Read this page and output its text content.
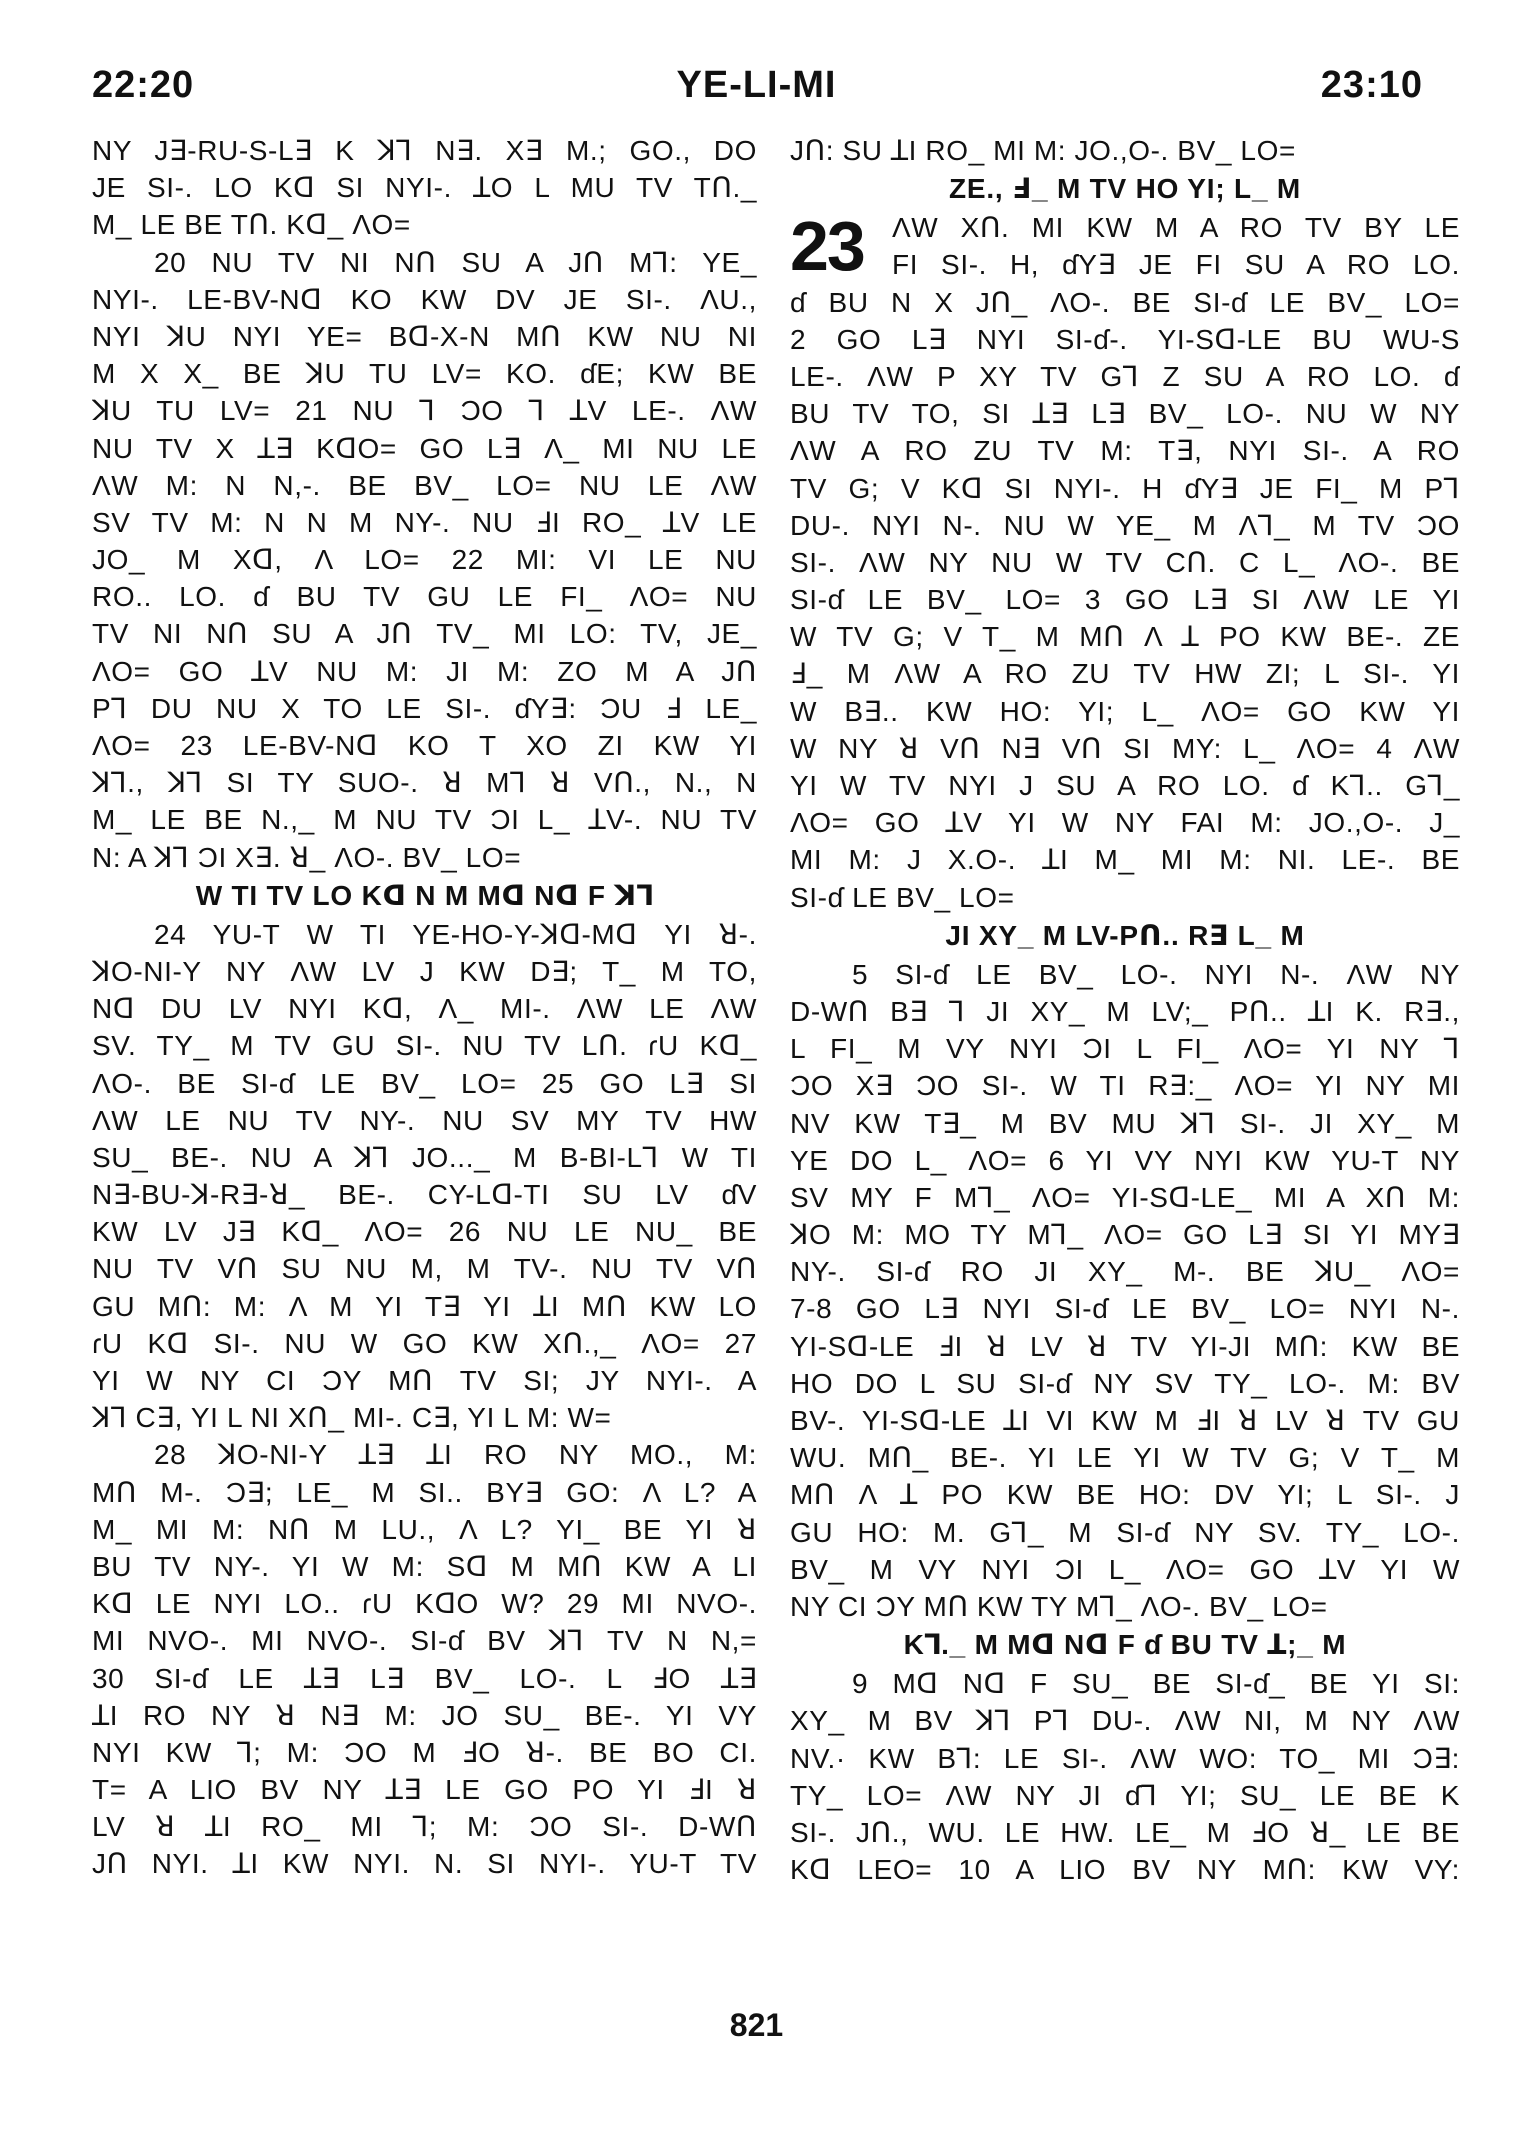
22:20	YE-LI-MI	23:10
NY J∃-RU-S-L∃ K ꓘ⅂ N∃. X∃ M.; GO., DO
JE SI-. LO Kꓷ SI NYI-. ꓕO L MU TV Tꓵ._
M_ LE BE Tꓵ. Kꓷ_ ΛO=
20 NU TV NI Nꓵ SU A Jꓵ M⅂: YE_
NYI-. LE-BV-Nꓷ KO KW DV JE SI-. ΛU.,
NYI ꓘU NYI YE= Bꓷ-X-N Mꓵ KW NU NI
M X X_ BE ꓘU TU LV= KO. ɗE; KW BE
ꓘU TU LV= 21 NU ⅂ ƆO ⅂ ꓕV LE-. ΛW
NU TV X ꓕ∃ KꓷO= GO L∃ Λ_ MI NU LE
ΛW M: N N,-. BE BV_ LO= NU LE ΛW
SV TV M: N N M NY-. NU ꓞI RO_ ꓕV LE
JO_ M Xꓷ, Λ LO= 22 MI: VI LE NU
RO.. LO. ɗ BU TV GU LE FI_ ΛO= NU
TV NI Nꓵ SU A Jꓵ TV_ MI LO: TV, JE_
ΛO= GO ꓕV NU M: JI M: ZO M A Jꓵ
P⅂ DU NU X TO LE SI-. ɗY∃: ƆU ꓞ LE_
ΛO= 23 LE-BV-Nꓷ KO T XO ZI KW YI
ꓘ⅂., ꓘ⅂ SI TY SUO-. ꓤ M⅂ ꓤ Vꓵ., N., N
M_ LE BE N.,_ M NU TV ƆI L_ ꓕV-. NU TV
N: A ꓘ⅂ ƆI X∃. ꓤ_ ΛO-. BV_ LO=
W TI TV LO Kꓷ N M Mꓷ Nꓷ F ꓘ⅂
24 YU-T W TI YE-HO-Y-ꓘꓷ-Mꓷ YI ꓤ-.
ꓘO-NI-Y NY ΛW LV J KW D∃; T_ M TO,
Nꓷ DU LV NYI Kꓷ, Λ_ MI-. ΛW LE ΛW
SV. TY_ M TV GU SI-. NU TV Lꓵ. ɾU Kꓷ_
ΛO-. BE SI-ɗ LE BV_ LO= 25 GO L∃ SI
ΛW LE NU TV NY-. NU SV MY TV HW
SU_ BE-. NU A ꓘ⅂ JO..._ M B-BI-L⅂ W TI
N∃-BU-ꓘ-R∃-ꓤ_ BE-. CY-Lꓷ-TI SU LV ɗV
KW LV J∃ Kꓷ_ ΛO= 26 NU LE NU_ BE
NU TV Vꓵ SU NU M, M TV-. NU TV Vꓵ
GU Mꓵ: M: Λ M YI T∃ YI ꓕI Mꓵ KW LO
ɾU Kꓷ SI-. NU W GO KW Xꓵ.,_ ΛO= 27
YI W NY CI ƆY Mꓵ TV SI; JY NYI-. A
ꓘ⅂ C∃, YI L NI Xꓵ_ MI-. C∃, YI L M: W=
28 ꓘO-NI-Y ꓕ∃ ꓕI RO NY MO., M:
Mꓵ M-. Ɔ∃; LE_ M SI.. BY∃ GO: Λ L? A
M_ MI M: Nꓵ M LU., Λ L? YI_ BE YI ꓤ
BU TV NY-. YI W M: Sꓷ M Mꓵ KW A LI
Kꓷ LE NYI LO.. ɾU KꓷO W? 29 MI NVO-.
MI NVO-. MI NVO-. SI-ɗ BV ꓘ⅂ TV N N,=
30 SI-ɗ LE ꓕ∃ L∃ BV_ LO-. L ꓞO ꓕ∃
ꓕI RO NY ꓤ N∃ M: JO SU_ BE-. YI VY
NYI KW ⅂; M: ƆO M ꓞO ꓤ-. BE BO CI.
T= A LIO BV NY ꓕ∃ LE GO PO YI ꓞI ꓤ
LV ꓤ ꓕI RO_ MI ⅂; M: ƆO SI-. D-Wꓵ
Jꓵ NYI. ꓕI KW NYI. N. SI NYI-. YU-T TV
Jꓵ: SU ꓕI RO_ MI M: JO.,O-. BV_ LO=
ZE., ꓞ_ M TV HO YI; L_ M
23 ΛW Xꓵ. MI KW M A RO TV BY LE
FI SI-. H, ɗY∃ JE FI SU A RO LO.
ɗ BU N X Jꓵ_ ΛO-. BE SI-ɗ LE BV_ LO=
2 GO L∃ NYI SI-ɗ-. YI-Sꓷ-LE BU WU-S
LE-. ΛW P XY TV G⅂ Z SU A RO LO. ɗ
BU TV TO, SI ꓕ∃ L∃ BV_ LO-. NU W NY
ΛW A RO ZU TV M: T∃, NYI SI-. A RO
TV G; V Kꓷ SI NYI-. H ɗY∃ JE FI_ M P⅂
DU-. NYI N-. NU W YE_ M Λ⅂_ M TV ƆO
SI-. ΛW NY NU W TV Cꓵ. C L_ ΛO-. BE
SI-ɗ LE BV_ LO= 3 GO L∃ SI ΛW LE YI
W TV G; V T_ M Mꓵ Λ ꓕ PO KW BE-. ZE
ꓞ_ M ΛW A RO ZU TV HW ZI; L SI-. YI
W B∃.. KW HO: YI; L_ ΛO= GO KW YI
W NY ꓤ Vꓵ N∃ Vꓵ SI MY: L_ ΛO= 4 ΛW
YI W TV NYI J SU A RO LO. ɗ K⅂.. G⅂_
ΛO= GO ꓕV YI W NY FAI M: JO.,O-. J_
MI M: J X.O-. ꓕI M_ MI M: NI. LE-. BE
SI-ɗ LE BV_ LO=
JI XY_ M LV-Pꓵ.. R∃ L_ M
5 SI-ɗ LE BV_ LO-. NYI N-. ΛW NY
D-Wꓵ B∃ ⅂ JI XY_ M LV;_ Pꓵ.. ꓕI K. R∃.,
L FI_ M VY NYI ƆI L FI_ ΛO= YI NY ⅂
ƆO X∃ ƆO SI-. W TI R∃:_ ΛO= YI NY MI
NV KW T∃_ M BV MU ꓘ⅂ SI-. JI XY_ M
YE DO L_ ΛO= 6 YI VY NYI KW YU-T NY
SV MY F M⅂_ ΛO= YI-Sꓷ-LE_ MI A Xꓵ M:
ꓘO M: MO TY M⅂_ ΛO= GO L∃ SI YI MY∃
NY-. SI-ɗ RO JI XY_ M-. BE ꓘU_ ΛO=
7-8 GO L∃ NYI SI-ɗ LE BV_ LO= NYI N-.
YI-Sꓷ-LE ꓞI ꓤ LV ꓤ TV YI-JI Mꓵ: KW BE
HO DO L SU SI-ɗ NY SV TY_ LO-. M: BV
BV-. YI-Sꓷ-LE ꓕI VI KW M ꓞI ꓤ LV ꓤ TV GU
WU. Mꓵ_ BE-. YI LE YI W TV G; V T_ M
Mꓵ Λ ꓕ PO KW BE HO: DV YI; L SI-. J
GU HO: M. G⅂_ M SI-ɗ NY SV. TY_ LO-.
BV_ M VY NYI ƆI L_ ΛO= GO ꓕV YI W
NY CI ƆY Mꓵ KW TY M⅂_ ΛO-. BV_ LO=
K⅂._ M Mꓷ Nꓷ F ɗ BU TV ꓕ;_ M
9 Mꓷ Nꓷ F SU_ BE SI-ɗ_ BE YI SI:
XY_ M BV ꓘ⅂ P⅂ DU-. ΛW NI, M NY ΛW
NV.· KW B⅂: LE SI-. ΛW WO: TO_ MI Ɔ∃:
TY_ LO= ΛW NY JI ɗ⅂ YI; SU_ LE BE K
SI-. Jꓵ., WU. LE HW. LE_ M ꓞO ꓤ_ LE BE
Kꓷ LEO= 10 A LIO BV NY Mꓵ: KW VY:
821
